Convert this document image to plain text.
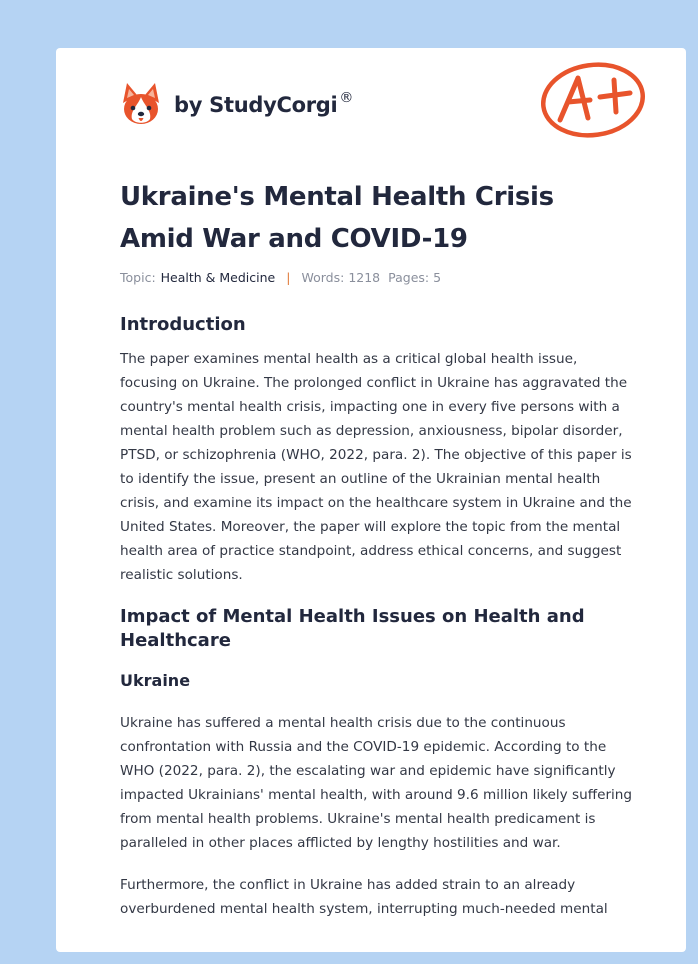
by StudyCorgi ®
Ukraine's Mental Health Crisis Amid War and COVID-19
Topic: Health & Medicine | Words: 1218 Pages: 5
Introduction

The paper examines mental health as a critical global health issue, focusing on Ukraine. The prolonged conflict in Ukraine has aggravated the country's mental health crisis, impacting one in every five persons with a mental health problem such as depression, anxiousness, bipolar disorder, PTSD, or schizophrenia (WHO, 2022, para. 2). The objective of this paper is to identify the issue, present an outline of the Ukrainian mental health crisis, and examine its impact on the healthcare system in Ukraine and the United States. Moreover, the paper will explore the topic from the mental health area of practice standpoint, address ethical concerns, and suggest realistic solutions.

Impact of Mental Health Issues on Health and Healthcare
Ukraine

Ukraine has suffered a mental health crisis due to the continuous confrontation with Russia and the COVID-19 epidemic. According to the WHO (2022, para. 2), the escalating war and epidemic have significantly impacted Ukrainians' mental health, with around 9.6 million likely suffering from mental health problems. Ukraine's mental health predicament is paralleled in other places afflicted by lengthy hostilities and war.

Furthermore, the conflict in Ukraine has added strain to an already overburdened mental health system, interrupting much-needed mental
